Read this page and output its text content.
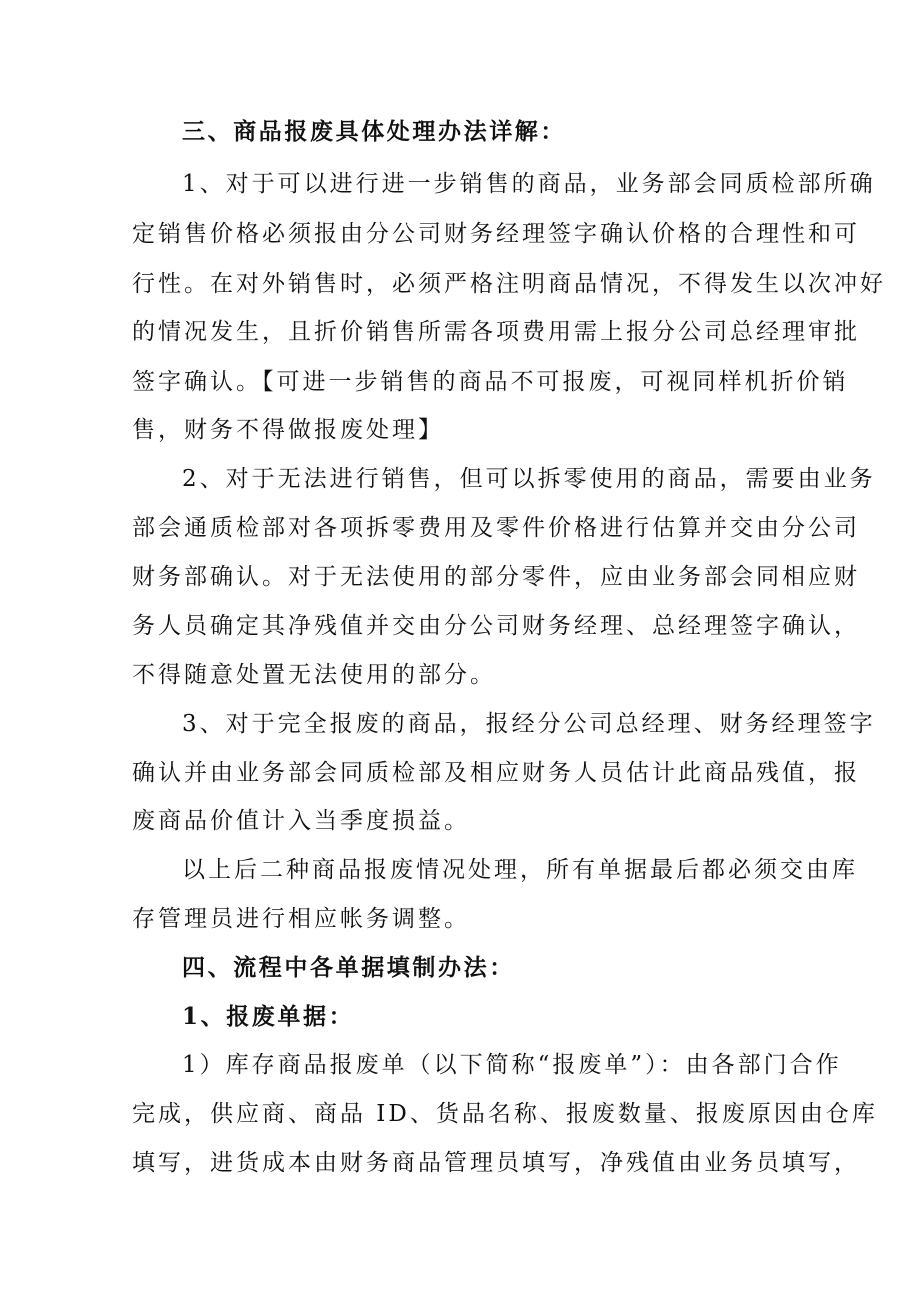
三、商品报废具体处理办法详解：
1、对于可以进行进一步销售的商品，业务部会同质检部所确
定销售价格必须报由分公司财务经理签字确认价格的合理性和可
行性。在对外销售时，必须严格注明商品情况，不得发生以次冲好
的情况发生，且折价销售所需各项费用需上报分公司总经理审批
签字确认。【可进一步销售的商品不可报废，可视同样机折价销
售，财务不得做报废处理】
2、对于无法进行销售，但可以拆零使用的商品，需要由业务
部会通质检部对各项拆零费用及零件价格进行估算并交由分公司
财务部确认。对于无法使用的部分零件，应由业务部会同相应财
务人员确定其净残值并交由分公司财务经理、总经理签字确认，
不得随意处置无法使用的部分。
3、对于完全报废的商品，报经分公司总经理、财务经理签字
确认并由业务部会同质检部及相应财务人员估计此商品残值，报
废商品价值计入当季度损益。
以上后二种商品报废情况处理，所有单据最后都必须交由库
存管理员进行相应帐务调整。
四、流程中各单据填制办法：
1、报废单据：
1）库存商品报废单（以下简称“报废单”）：由各部门合作
完成，供应商、商品 ID、货品名称、报废数量、报废原因由仓库
填写，进货成本由财务商品管理员填写，净残值由业务员填写，
